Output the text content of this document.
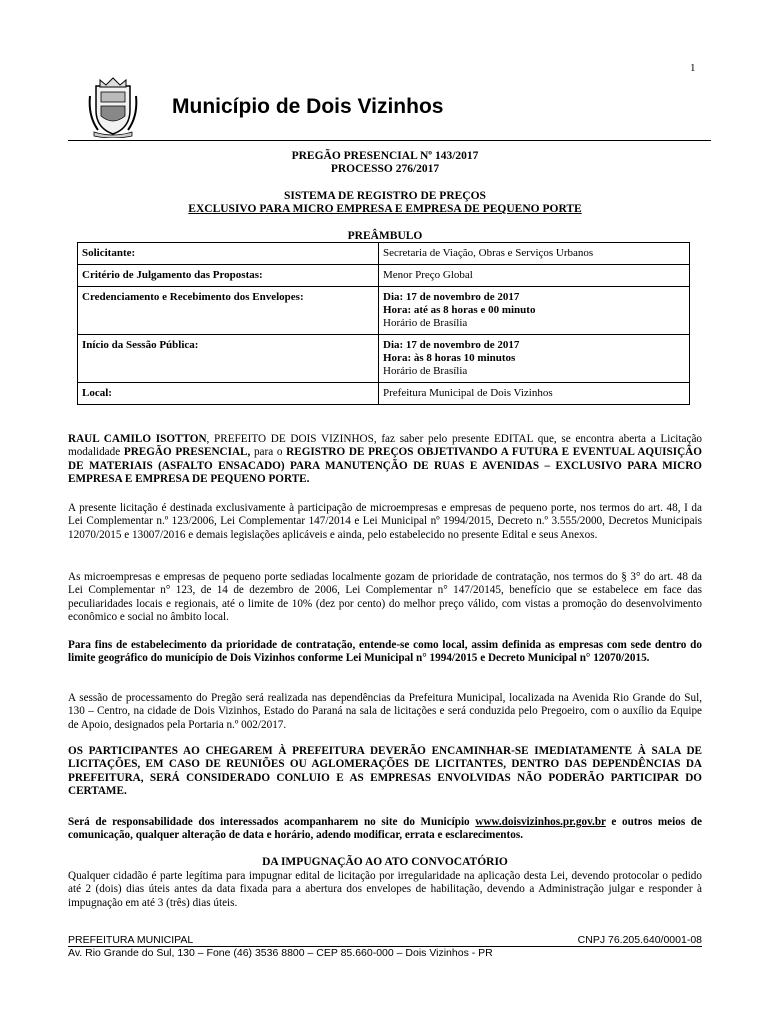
1
Município de Dois Vizinhos
PREGÃO PRESENCIAL Nº 143/2017
PROCESSO 276/2017
SISTEMA DE REGISTRO DE PREÇOS
EXCLUSIVO PARA MICRO EMPRESA E EMPRESA DE PEQUENO PORTE
PREÂMBULO
Solicitante:	Secretaria de Viação, Obras e Serviços Urbanos

Critério de Julgamento das Propostas:	Menor Preço Global

Credenciamento e Recebimento dos Envelopes:	Dia: 17 de novembro de 2017
Hora: até as 8 horas e 00 minuto
Horário de Brasília

Início da Sessão Pública:	Dia: 17 de novembro de 2017
Hora: às 8 horas 10 minutos
Horário de Brasília

Local:	Prefeitura Municipal de Dois Vizinhos
RAUL CAMILO ISOTTON, PREFEITO DE DOIS VIZINHOS, faz saber pelo presente EDITAL que, se encontra aberta a Licitação modalidade PREGÃO PRESENCIAL, para o REGISTRO DE PREÇOS OBJETIVANDO A FUTURA E EVENTUAL AQUISIÇÃO DE MATERIAIS (ASFALTO ENSACADO) PARA MANUTENÇÃO DE RUAS E AVENIDAS – EXCLUSIVO PARA MICRO EMPRESA E EMPRESA DE PEQUENO PORTE.
A presente licitação é destinada exclusivamente à participação de microempresas e empresas de pequeno porte, nos termos do art. 48, I da Lei Complementar n.º 123/2006, Lei Complementar 147/2014 e Lei Municipal nº 1994/2015, Decreto n.º 3.555/2000, Decretos Municipais 12070/2015 e 13007/2016 e demais legislações aplicáveis e ainda, pelo estabelecido no presente Edital e seus Anexos.
As microempresas e empresas de pequeno porte sediadas localmente gozam de prioridade de contratação, nos termos do § 3° do art. 48 da Lei Complementar n° 123, de 14 de dezembro de 2006, Lei Complementar n° 147/20145, benefício que se estabelece em face das peculiaridades locais e regionais, até o limite de 10% (dez por cento) do melhor preço válido, com vistas a promoção do desenvolvimento econômico e social no âmbito local.
Para fins de estabelecimento da prioridade de contratação, entende-se como local, assim definida as empresas com sede dentro do limite geográfico do município de Dois Vizinhos conforme Lei Municipal n° 1994/2015 e Decreto Municipal n° 12070/2015.
A sessão de processamento do Pregão será realizada nas dependências da Prefeitura Municipal, localizada na Avenida Rio Grande do Sul, 130 – Centro, na cidade de Dois Vizinhos, Estado do Paraná na sala de licitações e será conduzida pelo Pregoeiro, com o auxílio da Equipe de Apoio, designados pela Portaria n.º 002/2017.
OS PARTICIPANTES AO CHEGAREM À PREFEITURA DEVERÃO ENCAMINHAR-SE IMEDIATAMENTE À SALA DE LICITAÇÕES, EM CASO DE REUNIÕES OU AGLOMERAÇÕES DE LICITANTES, DENTRO DAS DEPENDÊNCIAS DA PREFEITURA, SERÁ CONSIDERADO CONLUIO E AS EMPRESAS ENVOLVIDAS NÃO PODERÃO PARTICIPAR DO CERTAME.
Será de responsabilidade dos interessados acompanharem no site do Município www.doisvizinhos.pr.gov.br e outros meios de comunicação, qualquer alteração de data e horário, adendo modificar, errata e esclarecimentos.
DA IMPUGNAÇÃO AO ATO CONVOCATÓRIO
Qualquer cidadão é parte legítima para impugnar edital de licitação por irregularidade na aplicação desta Lei, devendo protocolar o pedido até 2 (dois) dias úteis antes da data fixada para a abertura dos envelopes de habilitação, devendo a Administração julgar e responder à impugnação em até 3 (três) dias úteis.
PREFEITURA MUNICIPAL	CNPJ 76.205.640/0001-08
Av. Rio Grande do Sul, 130 – Fone (46) 3536 8800 – CEP 85.660-000 – Dois Vizinhos - PR
